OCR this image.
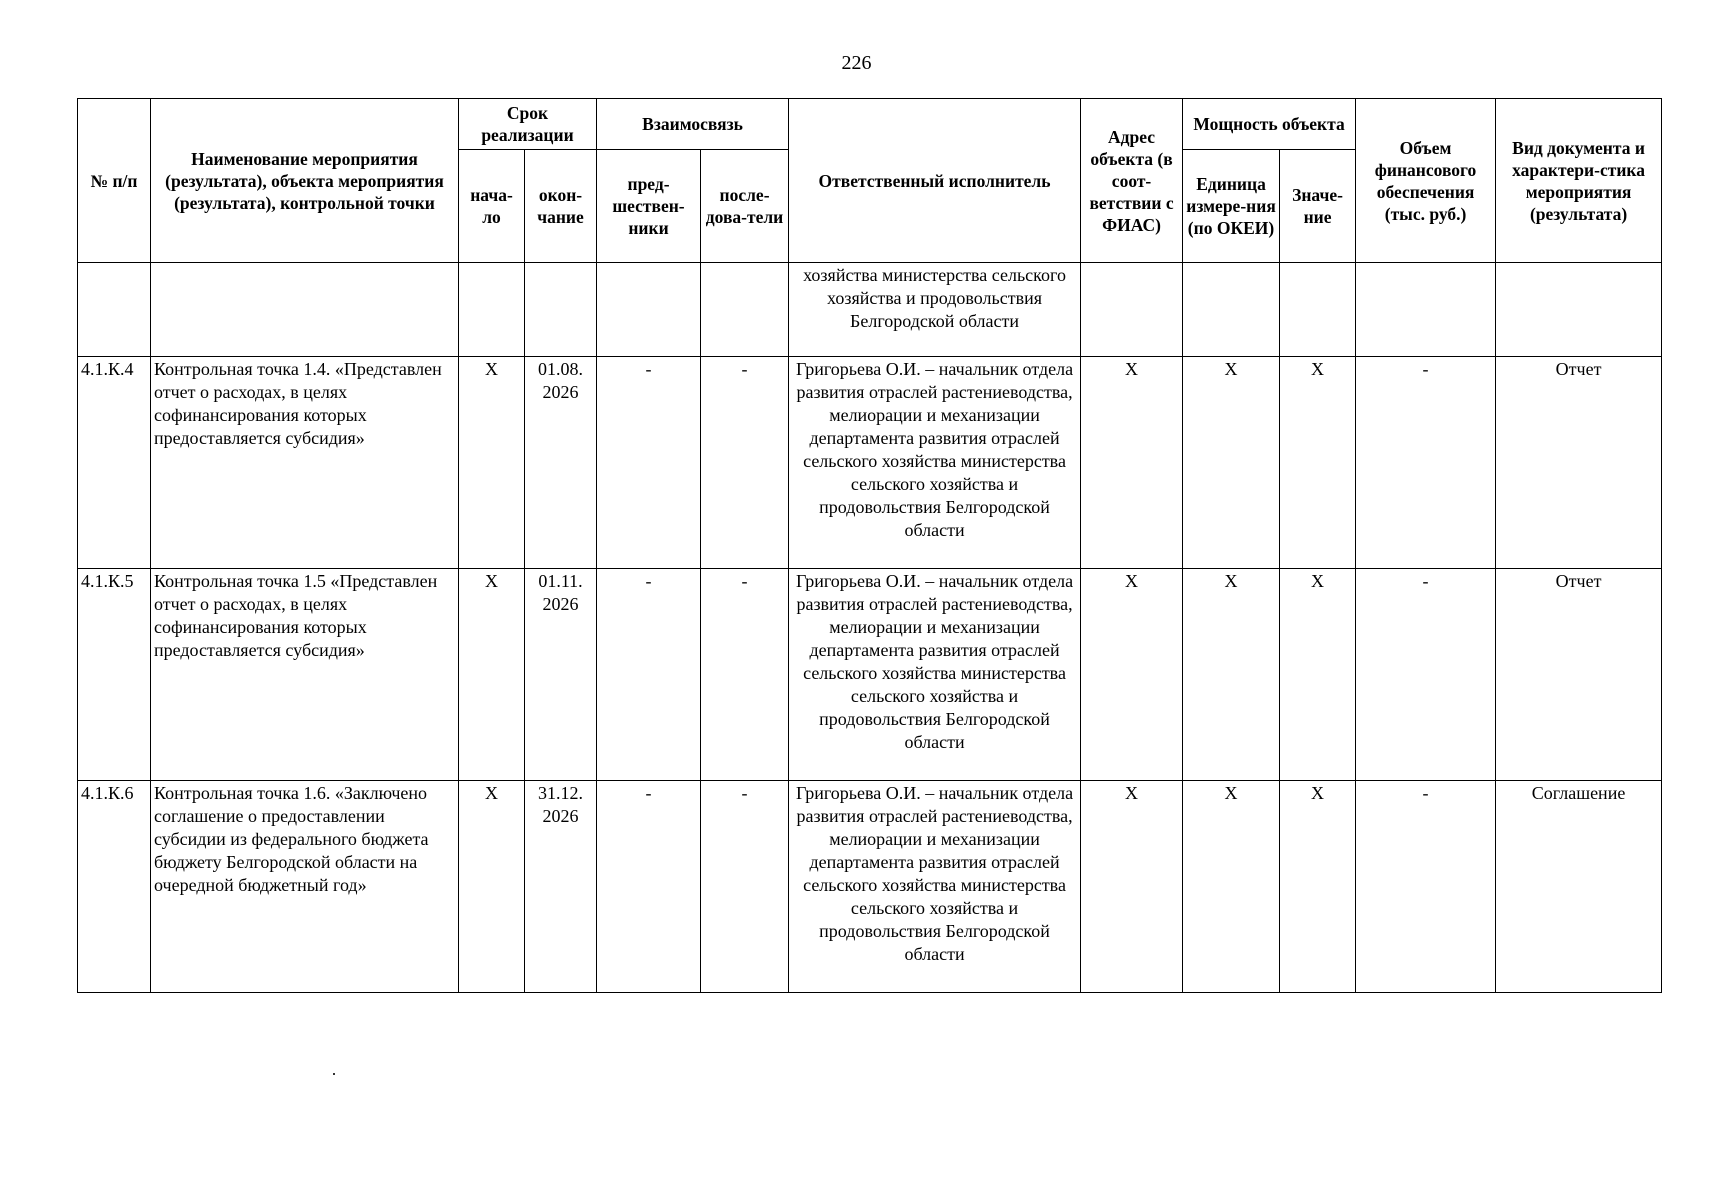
226
№ п/п	Наименование мероприятия (результата), объекта мероприятия (результата), контрольной точки	Срок реализации		Взаимосвязь		Ответственный исполнитель	Адрес объекта (в соот-ветствии с ФИАС)	Мощность объекта		Объем финансового обеспечения (тыс. руб.)	Вид документа и характери-стика мероприятия (результата)
		нача-ло	окон-чание	пред-шествен-ники	после-дова-тели			Единица измере-ния (по ОКЕИ)	Значе-ние		
						хозяйства министерства сельского хозяйства и продовольствия Белгородской области					
4.1.К.4	Контрольная точка 1.4. «Представлен отчет о расходах, в целях софинансирования которых предоставляется субсидия»	X	01.08. 2026	-	-	Григорьева О.И. – начальник отдела развития отраслей растениеводства, мелиорации и механизации департамента развития отраслей сельского хозяйства министерства сельского хозяйства и продовольствия Белгородской области	X	X	X	-	Отчет
4.1.К.5	Контрольная точка 1.5 «Представлен отчет о расходах, в целях софинансирования которых предоставляется субсидия»	X	01.11. 2026	-	-	Григорьева О.И. – начальник отдела развития отраслей растениеводства, мелиорации и механизации департамента развития отраслей сельского хозяйства министерства сельского хозяйства и продовольствия Белгородской области	X	X	X	-	Отчет
4.1.К.6	Контрольная точка 1.6. «Заключено соглашение о предоставлении субсидии из федерального бюджета бюджету Белгородской области на очередной бюджетный год»	X	31.12. 2026	-	-	Григорьева О.И. – начальник отдела развития отраслей растениеводства, мелиорации и механизации департамента развития отраслей сельского хозяйства министерства сельского хозяйства и продовольствия Белгородской области	X	X	X	-	Соглашение
